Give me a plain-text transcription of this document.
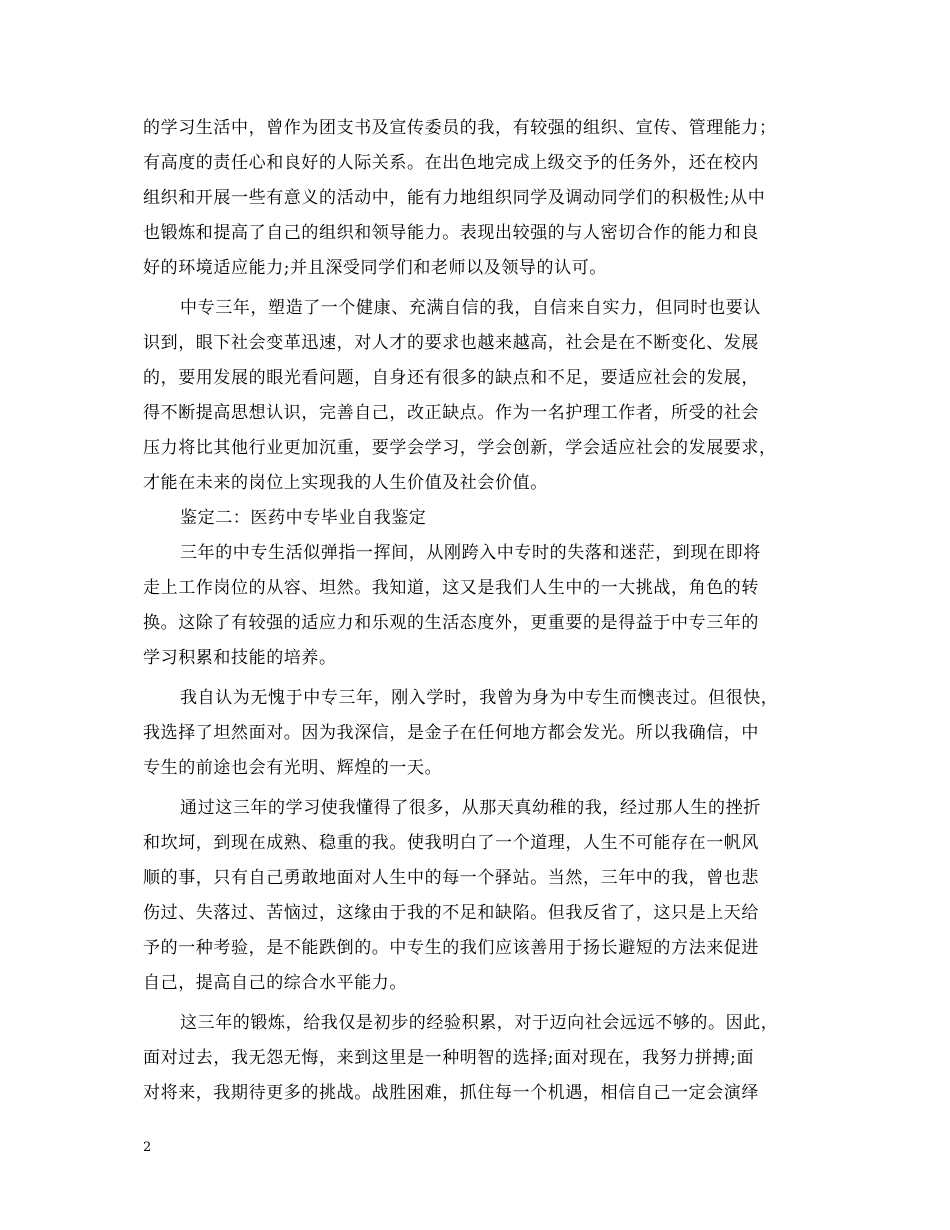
的学习生活中，曾作为团支书及宣传委员的我，有较强的组织、宣传、管理能力；
有高度的责任心和良好的人际关系。在出色地完成上级交予的任务外，还在校内
组织和开展一些有意义的活动中，能有力地组织同学及调动同学们的积极性;从中
也锻炼和提高了自己的组织和领导能力。表现出较强的与人密切合作的能力和良
好的环境适应能力;并且深受同学们和老师以及领导的认可。
中专三年，塑造了一个健康、充满自信的我，自信来自实力，但同时也要认
识到，眼下社会变革迅速，对人才的要求也越来越高，社会是在不断变化、发展
的，要用发展的眼光看问题，自身还有很多的缺点和不足，要适应社会的发展，
得不断提高思想认识，完善自己，改正缺点。作为一名护理工作者，所受的社会
压力将比其他行业更加沉重，要学会学习，学会创新，学会适应社会的发展要求，
才能在未来的岗位上实现我的人生价值及社会价值。
鉴定二：医药中专毕业自我鉴定
三年的中专生活似弹指一挥间，从刚跨入中专时的失落和迷茫，到现在即将
走上工作岗位的从容、坦然。我知道，这又是我们人生中的一大挑战，角色的转
换。这除了有较强的适应力和乐观的生活态度外，更重要的是得益于中专三年的
学习积累和技能的培养。
我自认为无愧于中专三年，刚入学时，我曾为身为中专生而懊丧过。但很快，
我选择了坦然面对。因为我深信，是金子在任何地方都会发光。所以我确信，中
专生的前途也会有光明、辉煌的一天。
通过这三年的学习使我懂得了很多，从那天真幼稚的我，经过那人生的挫折
和坎坷，到现在成熟、稳重的我。使我明白了一个道理，人生不可能存在一帆风
顺的事，只有自己勇敢地面对人生中的每一个驿站。当然，三年中的我，曾也悲
伤过、失落过、苦恼过，这缘由于我的不足和缺陷。但我反省了，这只是上天给
予的一种考验，是不能跌倒的。中专生的我们应该善用于扬长避短的方法来促进
自己，提高自己的综合水平能力。
这三年的锻炼，给我仅是初步的经验积累，对于迈向社会远远不够的。因此，
面对过去，我无怨无悔，来到这里是一种明智的选择;面对现在，我努力拼搏;面
对将来，我期待更多的挑战。战胜困难，抓住每一个机遇，相信自己一定会演绎
2
